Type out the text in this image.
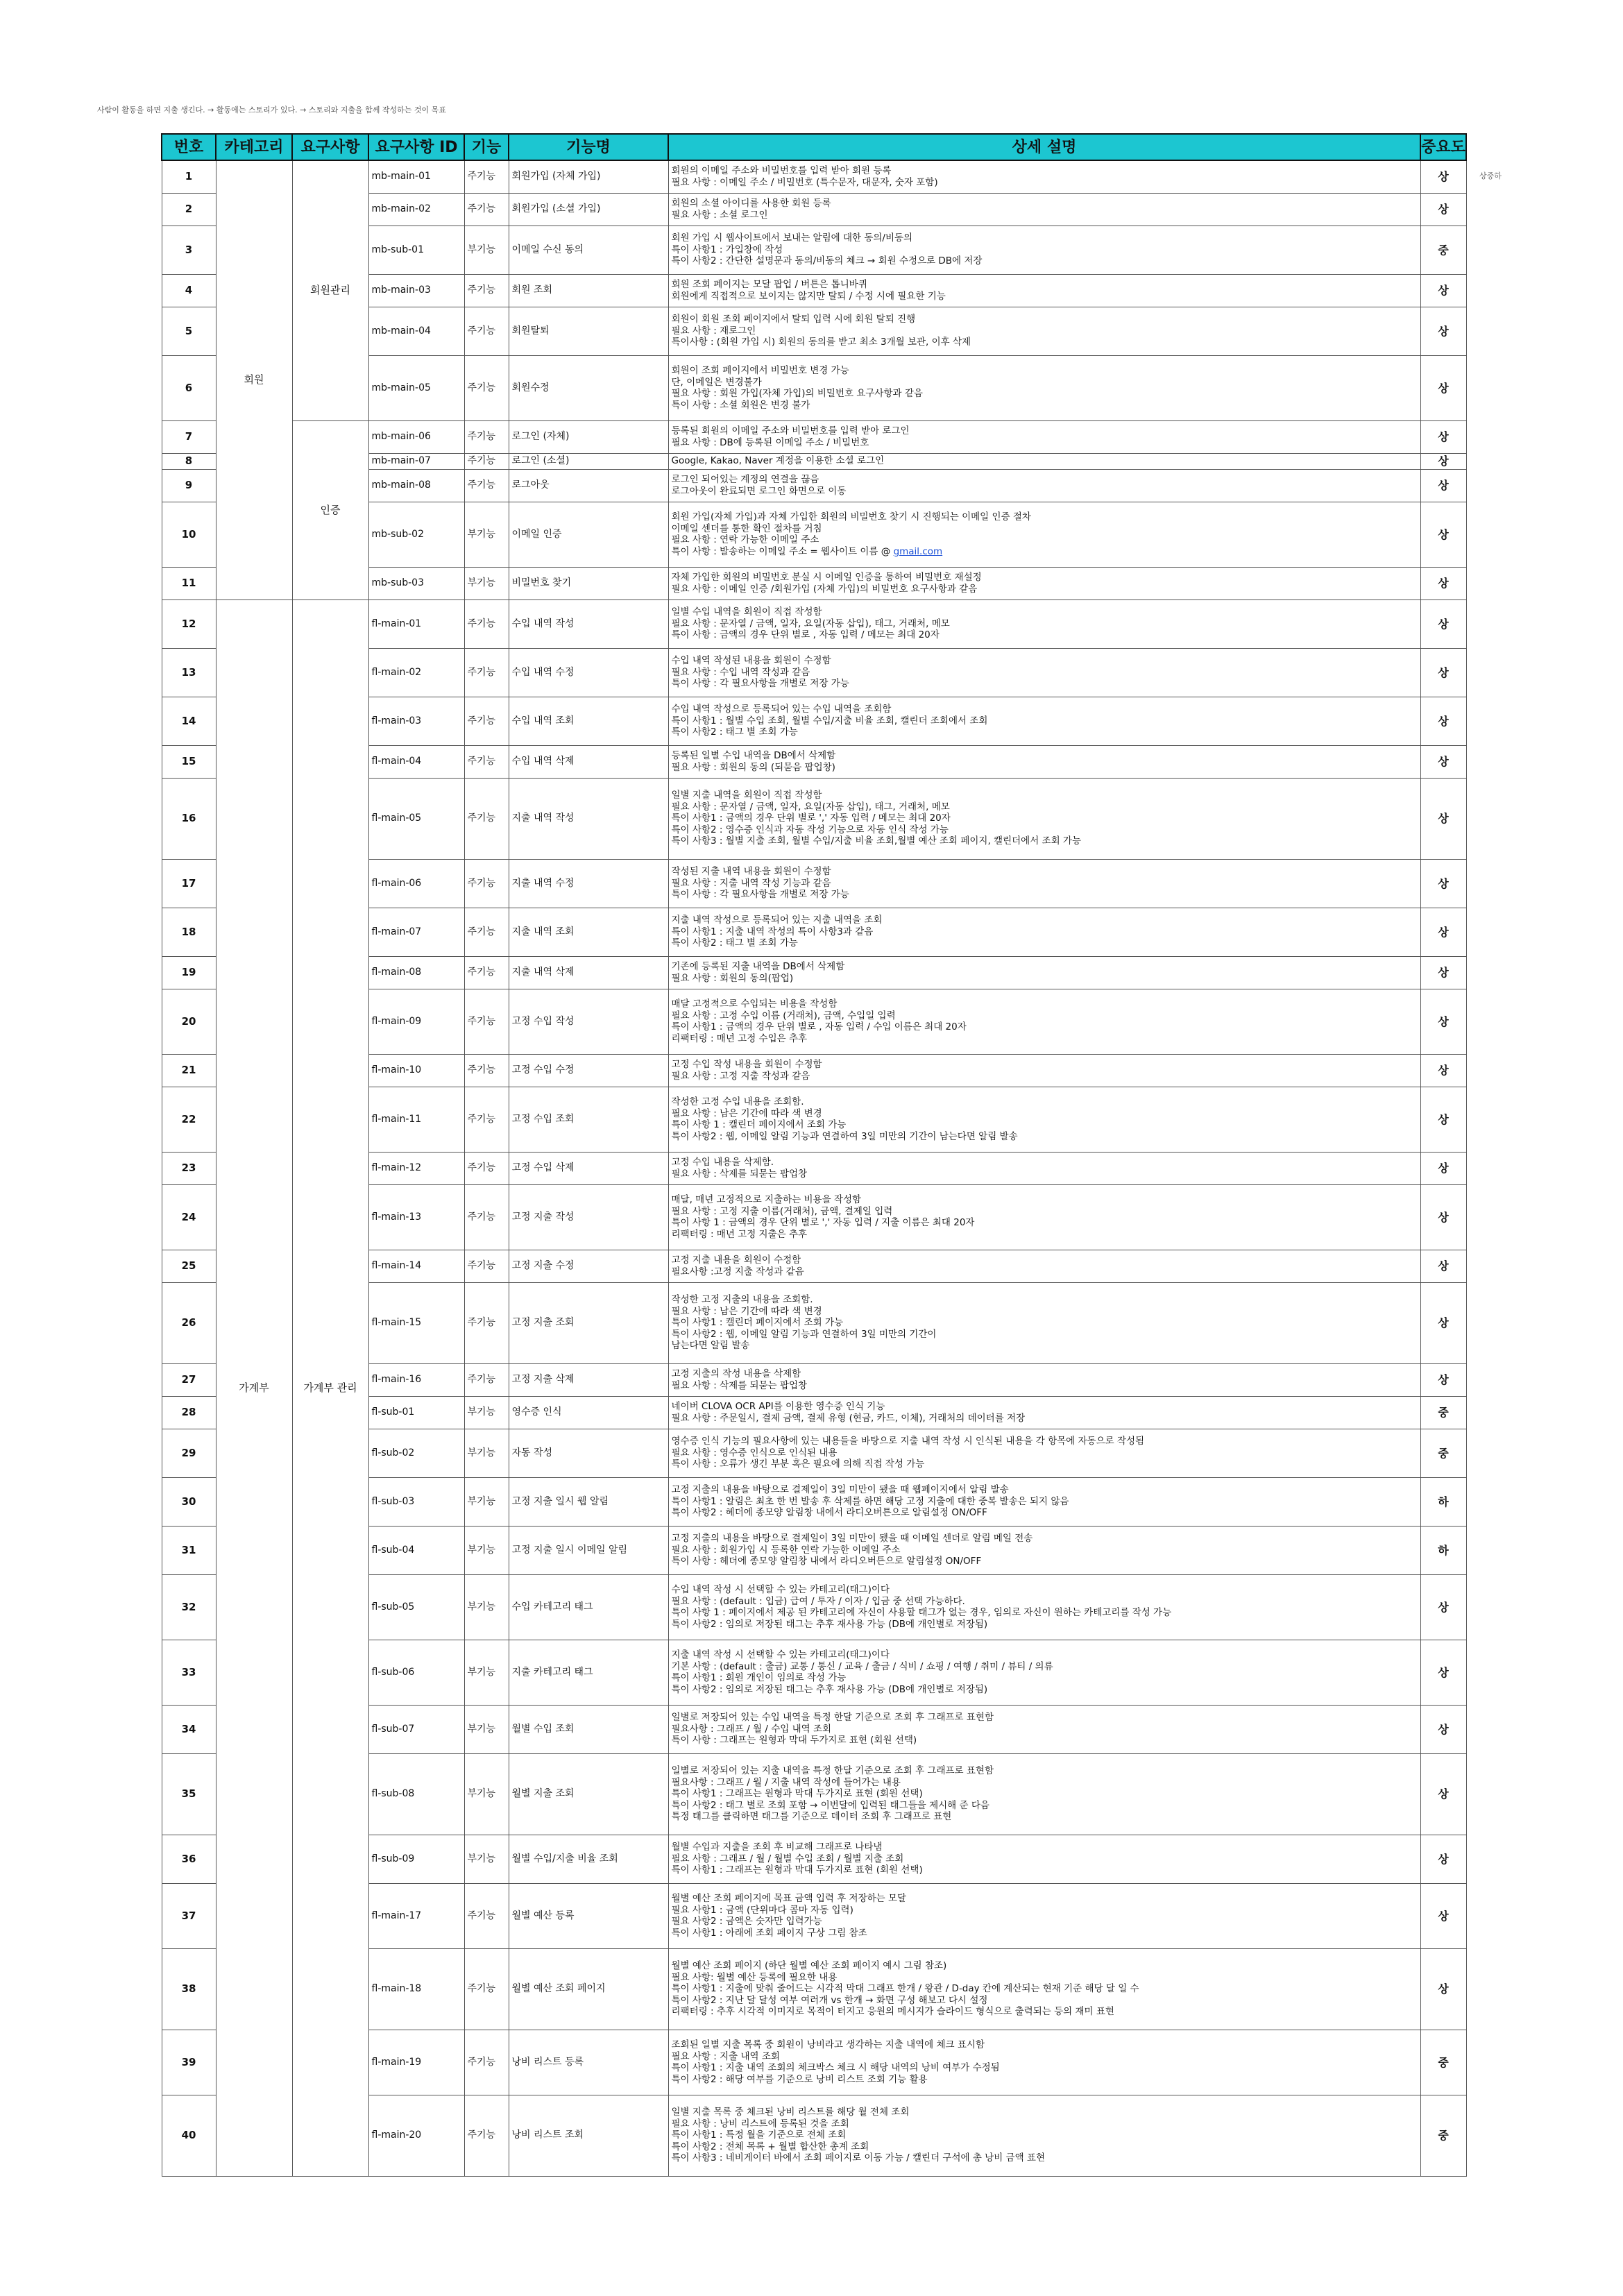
사람이 활동을 하면 지출 생긴다. → 활동에는 스토리가 있다. → 스토리와 지출을 함께 작성하는 것이 목표
상중하
번호	카테고리	요구사항	요구사항 ID	기능	기능명	상세 설명	중요도
1	회원	회원관리	mb-main-01	주기능	회원가입 (자체 가입)	회원의 이메일 주소와 비밀번호를 입력 받아 회원 등록
필요 사항 : 이메일 주소 / 비밀번호 (특수문자, 대문자, 숫자 포함)	상
2			mb-main-02	주기능	회원가입 (소셜 가입)	회원의 소셜 아이디를 사용한 회원 등록
필요 사항 : 소셜 로그인	상
3			mb-sub-01	부기능	이메일 수신 동의	회원 가입 시 웹사이트에서 보내는 알림에 대한 동의/비동의
특이 사항1 : 가입창에 작성
특이 사항2 : 간단한 설명문과 동의/비동의 체크 → 회원 수정으로 DB에 저장	중
4			mb-main-03	주기능	회원 조회	회원 조회 페이지는 모달 팝업 / 버튼은 톱니바퀴
회원에게 직접적으로 보이지는 않지만 탈퇴 / 수정 시에 필요한 기능	상
5			mb-main-04	주기능	회원탈퇴	회원이 회원 조회 페이지에서 탈퇴 입력 시에 회원 탈퇴 진행
필요 사항 : 재로그인
특이사항 : (회원 가입 시) 회원의 동의를 받고 최소 3개월 보관, 이후 삭제	상
6			mb-main-05	주기능	회원수정	회원이 조회 페이지에서 비밀번호 변경 가능
단, 이메일은 변경불가
필요 사항 : 회원 가입(자체 가입)의 비밀번호 요구사항과 같음
특이 사항 : 소셜 회원은 변경 불가	상
7		인증	mb-main-06	주기능	로그인 (자체)	등록된 회원의 이메일 주소와 비밀번호를 입력 받아 로그인
필요 사항 : DB에 등록된 이메일 주소 / 비밀번호	상
8			mb-main-07	주기능	로그인 (소셜)	Google, Kakao, Naver 계정을 이용한 소셜 로그인	상
9			mb-main-08	주기능	로그아웃	로그인 되어있는 계정의 연결을 끊음
로그아웃이 완료되면 로그인 화면으로 이동	상
10			mb-sub-02	부기능	이메일 인증	회원 가입(자체 가입)과 자체 가입한 회원의 비밀번호 찾기 시 진행되는 이메일 인증 절차
이메일 센더를 통한 확인 절차를 거침
필요 사항 : 연락 가능한 이메일 주소
특이 사항 : 발송하는 이메일 주소 = 웹사이트 이름 @ gmail.com	상
11			mb-sub-03	부기능	비밀번호 찾기	자체 가입한 회원의 비밀번호 분실 시 이메일 인증을 통하여 비밀번호 재설정
필요 사항 : 이메일 인증 /회원가입 (자체 가입)의 비밀번호 요구사항과 같음	상
12	가계부	가계부 관리	fl-main-01	주기능	수입 내역 작성	일별 수입 내역을 회원이 직접 작성함
필요 사항 : 문자열 / 금액, 일자, 요일(자동 삽입), 태그, 거래처, 메모
특이 사항 : 금액의 경우 단위 별로 , 자동 입력 / 메모는 최대 20자	상
13			fl-main-02	주기능	수입 내역 수정	수입 내역 작성된 내용을 회원이 수정함
필요 사항 : 수입 내역 작성과 같음
특이 사항 : 각 필요사항을 개별로 저장 가능	상
14			fl-main-03	주기능	수입 내역 조회	수입 내역 작성으로 등록되어 있는 수입 내역을 조회함
특이 사항1 : 월별 수입 조회, 월별 수입/지출 비율 조회, 캘린더 조회에서 조회
특이 사항2 : 태그 별 조회 가능	상
15			fl-main-04	주기능	수입 내역 삭제	등록된 일별 수입 내역을 DB에서 삭제함
필요 사항 : 회원의 동의 (되묻음 팝업창)	상
16			fl-main-05	주기능	지출 내역 작성	일별 지출 내역을 회원이 직접 작성함
필요 사항 : 문자열 / 금액, 일자, 요일(자동 삽입), 태그, 거래처, 메모
특이 사항1 : 금액의 경우 단위 별로 ',' 자동 입력 / 메모는 최대 20자
특이 사항2 : 영수증 인식과 자동 작성 기능으로 자동 인식 작성 가능
특이 사항3 : 월별 지출 조회, 월별 수입/지출 비율 조회,월별 예산 조회 페이지, 캘린더에서 조회 가능	상
17			fl-main-06	주기능	지출 내역 수정	작성된 지출 내역 내용을 회원이 수정함
필요 사항 : 지출 내역 작성 기능과 같음
특이 사항 : 각 필요사항을 개별로 저장 가능	상
18			fl-main-07	주기능	지출 내역 조회	지출 내역 작성으로 등록되어 있는 지출 내역을 조회
특이 사항1 : 지출 내역 작성의 특이 사항3과 같음
특이 사항2 : 태그 별 조회 가능	상
19			fl-main-08	주기능	지출 내역 삭제	기존에 등록된 지출 내역을 DB에서 삭제함
필요 사항 : 회원의 동의(팝업)	상
20			fl-main-09	주기능	고정 수입 작성	매달 고정적으로 수입되는 비용을 작성함
필요 사항 : 고정 수입 이름 (거래처), 금액, 수입일 입력
특이 사항1 : 금액의 경우 단위 별로 , 자동 입력 / 수입 이름은 최대 20자
리팩터링 : 매년 고정 수입은 추후	상
21			fl-main-10	주기능	고정 수입 수정	고정 수입 작성 내용을 회원이 수정함
필요 사항 : 고정 지출 작성과 같음	상
22			fl-main-11	주기능	고정 수입 조회	작성한 고정 수입 내용을 조회함.
필요 사항 : 남은 기간에 따라 색 변경
특이 사항 1 : 캘린더 페이지에서 조회 가능
특이 사항2 : 웹, 이메일 알림 기능과 연결하여 3일 미만의 기간이 남는다면 알림 발송	상
23			fl-main-12	주기능	고정 수입 삭제	고정 수입 내용을 삭제함.
필요 사항 : 삭제를 되묻는 팝업창	상
24			fl-main-13	주기능	고정 지출 작성	매달, 매년 고정적으로 지출하는 비용을 작성함
필요 사항 : 고정 지출 이름(거래처), 금액, 결제일 입력
특이 사항 1 : 금액의 경우 단위 별로 ',' 자동 입력 / 지출 이름은 최대 20자
리팩터링 : 매년 고정 지출은 추후	상
25			fl-main-14	주기능	고정 지출 수정	고정 지출 내용을 회원이 수정함
필요사항 :고정 지출 작성과 같음	상
26			fl-main-15	주기능	고정 지출 조회	작성한 고정 지출의 내용을 조회함.
필요 사항 : 남은 기간에 따라 색 변경
특이 사항1 : 캘린더 페이지에서 조회 가능
특이 사항2 : 웹, 이메일 알림 기능과 연결하여 3일 미만의 기간이
남는다면 알림 발송	상
27			fl-main-16	주기능	고정 지출 삭제	고정 지출의 작성 내용을 삭제함
필요 사항 : 삭제를 되묻는 팝업창	상
28			fl-sub-01	부기능	영수증 인식	네이버 CLOVA OCR API를 이용한 영수증 인식 기능
필요 사항 : 주문일시, 결제 금액, 결제 유형 (현금, 카드, 이체), 거래처의 데이터를 저장	중
29			fl-sub-02	부기능	자동 작성	영수증 인식 기능의 필요사항에 있는 내용들을 바탕으로 지출 내역 작성 시 인식된 내용을 각 항목에 자동으로 작성됨
필요 사항 : 영수증 인식으로 인식된 내용
특이 사항 : 오류가 생긴 부분 혹은 필요에 의해 직접 작성 가능	중
30			fl-sub-03	부기능	고정 지출 일시 웹 알림	고정 지출의 내용을 바탕으로 결제일이 3일 미만이 됐을 때 웹페이지에서 알림 발송
특이 사항1 : 알림은 최초 한 번 발송 후 삭제를 하면 해당 고정 지출에 대한 중복 발송은 되지 않음
특이 사항2 : 헤더에 종모양 알림창 내에서 라디오버튼으로 알림설정 ON/OFF	하
31			fl-sub-04	부기능	고정 지출 일시 이메일 알림	고정 지출의 내용을 바탕으로 결제일이 3일 미만이 됐을 때 이메일 센더로 알림 메일 전송
필요 사항 : 회원가입 시 등록한 연락 가능한 이메일 주소
특이 사항 : 헤더에 종모양 알림창 내에서 라디오버튼으로 알림설정 ON/OFF	하
32			fl-sub-05	부기능	수입 카테고리 태그	수입 내역 작성 시 선택할 수 있는 카테고리(태그)이다
필요 사항 : (default : 입금) 급여 / 투자 / 이자 / 입금 중 선택 가능하다.
특이 사항 1 : 페이지에서 제공 된 카테고리에 자신이 사용할 태그가 없는 경우, 임의로 자신이 원하는 카테고리를 작성 가능
특이 사항2 : 임의로 저장된 태그는 추후 재사용 가능 (DB에 개인별로 저장됨)	상
33			fl-sub-06	부기능	지출 카테고리 태그	지출 내역 작성 시 선택할 수 있는 카테고리(태그)이다
기본 사항 : (default : 출금) 교통 / 통신 / 교육 / 출금 / 식비 / 쇼핑 / 여행 / 취미 / 뷰티 / 의류
특이 사항1 : 회원 개인이 임의로 작성 가능
특이 사항2 : 임의로 저장된 태그는 추후 재사용 가능 (DB에 개인별로 저장됨)	상
34			fl-sub-07	부기능	월별 수입 조회	일별로 저장되어 있는 수입 내역을 특정 한달 기준으로 조회 후 그래프로 표현함
필요사항 : 그래프 / 월 / 수입 내역 조회
특이 사항 : 그래프는 원형과 막대 두가지로 표현 (회원 선택)	상
35			fl-sub-08	부기능	월별 지출 조회	일별로 저장되어 있는 지출 내역을 특정 한달 기준으로 조회 후 그래프로 표현함
필요사항 : 그래프 / 월 / 지출 내역 작성에 들어가는 내용
특이 사항1 : 그래프는 원형과 막대 두가지로 표현 (회원 선택)
특이 사항2 : 태그 별로 조회 포함 → 이번달에 입력된 태그들을 제시해 준 다음
특정 태그를 클릭하면 태그를 기준으로 데이터 조회 후 그래프로 표현	상
36			fl-sub-09	부기능	월별 수입/지출 비율 조회	월별 수입과 지출을 조회 후 비교해 그래프로 나타냄
필요 사항 : 그래프 / 월 / 월별 수입 조회 / 월별 지출 조회
특이 사항1 : 그래프는 원형과 막대 두가지로 표현 (회원 선택)	상
37			fl-main-17	주기능	월별 예산 등록	월별 예산 조회 페이지에 목표 금액 입력 후 저장하는 모달
필요 사항1 : 금액 (단위마다 콤마 자동 입력)
필요 사항2 : 금액은 숫자만 입력가능
특이 사항1 : 아래에 조회 페이지 구상 그림 참조	상
38			fl-main-18	주기능	월별 예산 조회 페이지	월별 예산 조회 페이지 (하단 월별 예산 조회 페이지 예시 그림 참조)
필요 사항: 월별 예산 등록에 필요한 내용
특이 사항1 : 지출에 맞춰 줄어드는 시각적 막대 그래프 한개 / 왕관 / D-day 칸에 계산되는 현재 기준 해당 달 일 수
특이 사항2 : 지난 달 달성 여부 여러개 vs 한개 → 화면 구성 해보고 다시 설정
리팩터링 : 추후 시각적 이미지로 목적이 터지고 응원의 메시지가 슬라이드 형식으로 출력되는 등의 재미 표현	상
39			fl-main-19	주기능	낭비 리스트 등록	조회된 일별 지출 목록 중 회원이 낭비라고 생각하는 지출 내역에 체크 표시함
필요 사항 : 지출 내역 조회
특이 사항1 : 지출 내역 조회의 체크박스 체크 시 해당 내역의 낭비 여부가 수정됨
특이 사항2 : 해당 여부를 기준으로 낭비 리스트 조회 기능 활용	중
40			fl-main-20	주기능	낭비 리스트 조회	일별 지출 목록 중 체크된 낭비 리스트를 해당 월 전체 조회
필요 사항 : 낭비 리스트에 등록된 것을 조회
특이 사항1 : 특정 월을 기준으로 전체 조회
특이 사항2 : 전체 목록 + 월별 합산한 총계 조회
특이 사항3 : 네비게이터 바에서 조회 페이지로 이동 가능 / 캘린더 구석에 총 낭비 금액 표현	중
